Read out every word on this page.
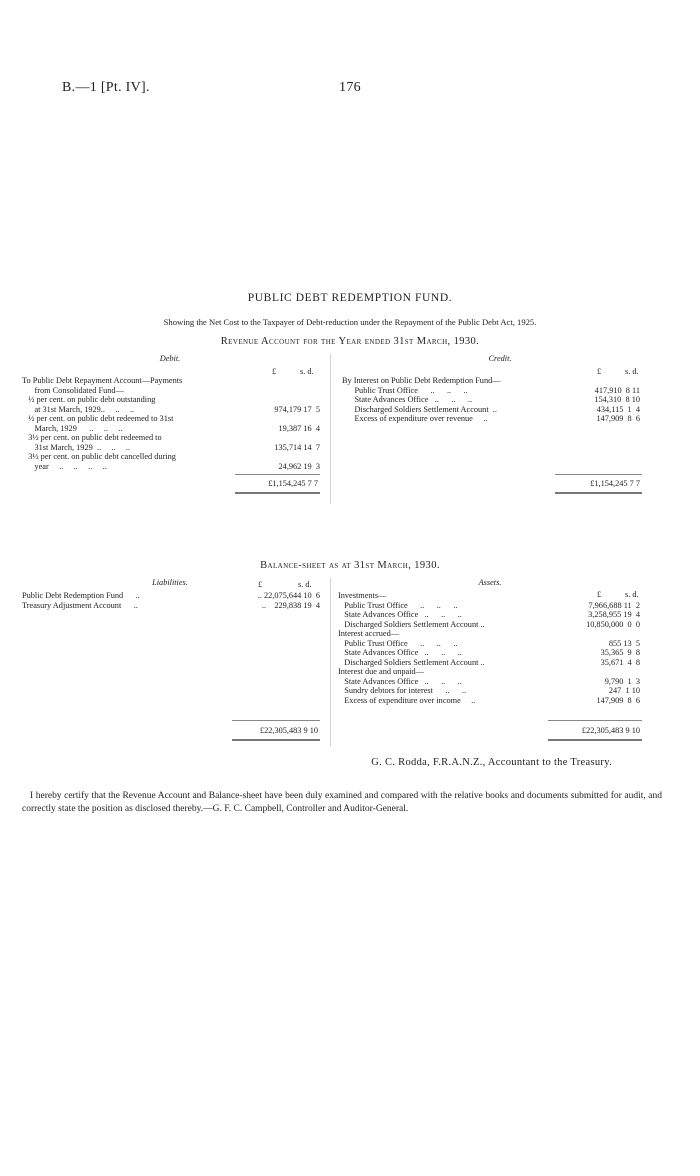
B.—1 [Pt. IV].	176
PUBLIC DEBT REDEMPTION FUND.
Showing the Net Cost to the Taxpayer of Debt-reduction under the Repayment of the Public Debt Act, 1925.
Revenue Account for the Year ended 31st March, 1930.
Debit.
£	s. d.
To Public Debt Repayment Account—Payments
from Consolidated Fund—
½ per cent. on public debt outstanding
at 31st March, 1929..     ..     ..	974,179 17  5
½ per cent. on public debt redeemed to 31st
March, 1929      ..     ..     ..	19,387 16  4
3½ per cent. on public debt redeemed to
31st March, 1929  ..     ..     ..	135,714 14  7
3½ per cent. on public debt cancelled during
year     ..     ..     ..     ..	24,962 19  3
£1,154,245 7 7
Credit.
£	s. d.
By Interest on Public Debt Redemption Fund—
Public Trust Office      ..      ..      ..	417,910  8 11
State Advances Office   ..      ..      ..	154,310  8 10
Discharged Soldiers Settlement Account  ..	434,115  1  4
Excess of expenditure over revenue     ..	147,909  8  6
£1,154,245 7 7
Balance-sheet as at 31st March, 1930.
Liabilities.	£	s. d.
Public Debt Redemption Fund      ..	.. 22,075,644 10  6
Treasury Adjustment Account      ..	..    229,838 19  4
£22,305,483 9 10
Assets.
£	s. d.
Investments—
Public Trust Office      ..      ..      ..	7,966,688 11  2
State Advances Office   ..      ..      ..	3,258,955 19  4
Discharged Soldiers Settlement Account ..	10,850,000  0  0
Interest accrued—
Public Trust Office      ..      ..      ..	855 13  5
State Advances Office   ..      ..      ..	35,365  9  8
Discharged Soldiers Settlement Account ..	35,671  4  8
Interest due and unpaid—
State Advances Office   ..      ..      ..	9,790  1  3
Sundry debtors for interest      ..      ..	247  1 10
Excess of expenditure over income     ..	147,909  8  6
£22,305,483 9 10
G. C. Rodda, F.R.A.N.Z., Accountant to the Treasury.
I hereby certify that the Revenue Account and Balance-sheet have been duly examined and compared with the relative books and documents submitted for audit, and correctly state the position as disclosed thereby.—G. F. C. Campbell, Controller and Auditor-General.
